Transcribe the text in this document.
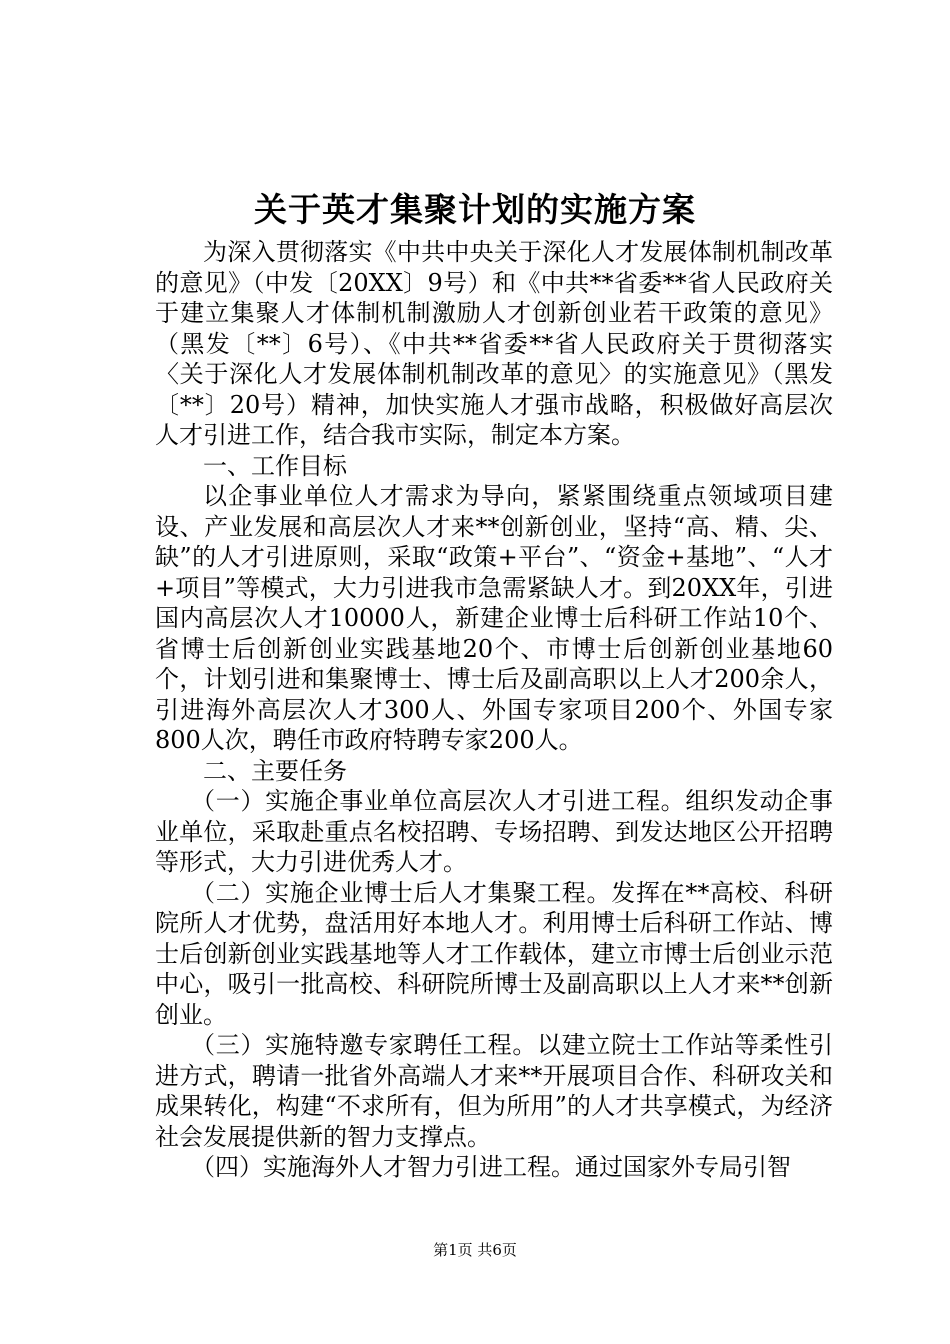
关于英才集聚计划的实施方案

为深入贯彻落实《中共中央关于深化人才发展体制机制改革的意见》（中发〔20XX〕9号）和《中共**省委**省人民政府关于建立集聚人才体制机制激励人才创新创业若干政策的意见》（黑发〔**〕6号）、《中共**省委**省人民政府关于贯彻落实〈关于深化人才发展体制机制改革的意见〉的实施意见》（黑发〔**〕20号）精神，加快实施人才强市战略，积极做好高层次人才引进工作，结合我市实际，制定本方案。

一、工作目标

以企事业单位人才需求为导向，紧紧围绕重点领域项目建设、产业发展和高层次人才来**创新创业，坚持“高、精、尖、缺”的人才引进原则，采取“政策+平台”、“资金+基地”、“人才+项目”等模式，大力引进我市急需紧缺人才。到20XX年，引进国内高层次人才10000人，新建企业博士后科研工作站10个、省博士后创新创业实践基地20个、市博士后创新创业基地60个，计划引进和集聚博士、博士后及副高职以上人才200余人，引进海外高层次人才300人、外国专家项目200个、外国专家800人次，聘任市政府特聘专家200人。

二、主要任务

（一）实施企事业单位高层次人才引进工程。组织发动企事业单位，采取赴重点名校招聘、专场招聘、到发达地区公开招聘等形式，大力引进优秀人才。

（二）实施企业博士后人才集聚工程。发挥在**高校、科研院所人才优势，盘活用好本地人才。利用博士后科研工作站、博士后创新创业实践基地等人才工作载体，建立市博士后创业示范中心，吸引一批高校、科研院所博士及副高职以上人才来**创新创业。

（三）实施特邀专家聘任工程。以建立院士工作站等柔性引进方式，聘请一批省外高端人才来**开展项目合作、科研攻关和成果转化，构建“不求所有，但为所用”的人才共享模式，为经济社会发展提供新的智力支撑点。

（四）实施海外人才智力引进工程。通过国家外专局引智

第1页 共6页
